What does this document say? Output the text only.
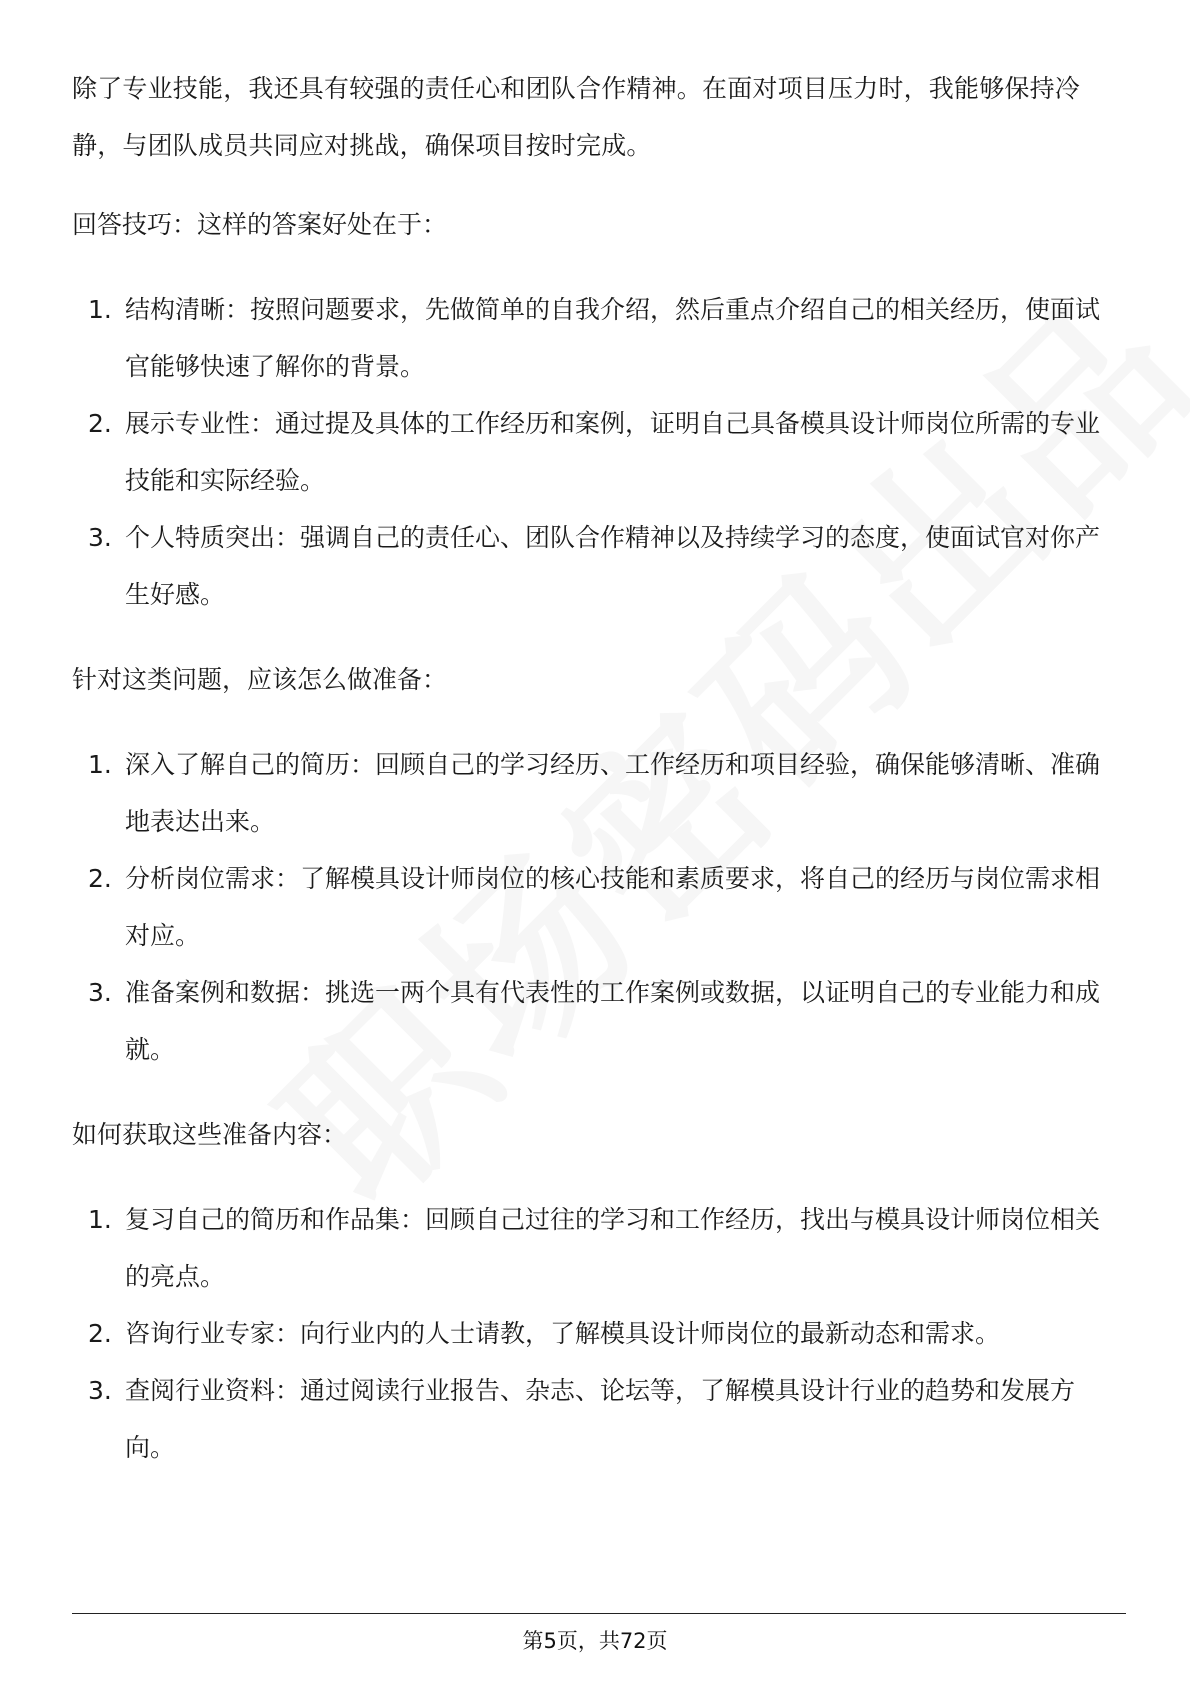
除了专业技能，我还具有较强的责任心和团队合作精神。在面对项目压力时，我能够保持冷静，与团队成员共同应对挑战，确保项目按时完成。

回答技巧：这样的答案好处在于：

1. 结构清晰：按照问题要求，先做简单的自我介绍，然后重点介绍自己的相关经历，使面试官能够快速了解你的背景。
2. 展示专业性：通过提及具体的工作经历和案例，证明自己具备模具设计师岗位所需的专业技能和实际经验。
3. 个人特质突出：强调自己的责任心、团队合作精神以及持续学习的态度，使面试官对你产生好感。

针对这类问题，应该怎么做准备：

1. 深入了解自己的简历：回顾自己的学习经历、工作经历和项目经验，确保能够清晰、准确地表达出来。
2. 分析岗位需求：了解模具设计师岗位的核心技能和素质要求，将自己的经历与岗位需求相对应。
3. 准备案例和数据：挑选一两个具有代表性的工作案例或数据，以证明自己的专业能力和成就。

如何获取这些准备内容：

1. 复习自己的简历和作品集：回顾自己过往的学习和工作经历，找出与模具设计师岗位相关的亮点。
2. 咨询行业专家：向行业内的人士请教，了解模具设计师岗位的最新动态和需求。
3. 查阅行业资料：通过阅读行业报告、杂志、论坛等，了解模具设计行业的趋势和发展方向。
第5页，共72页
